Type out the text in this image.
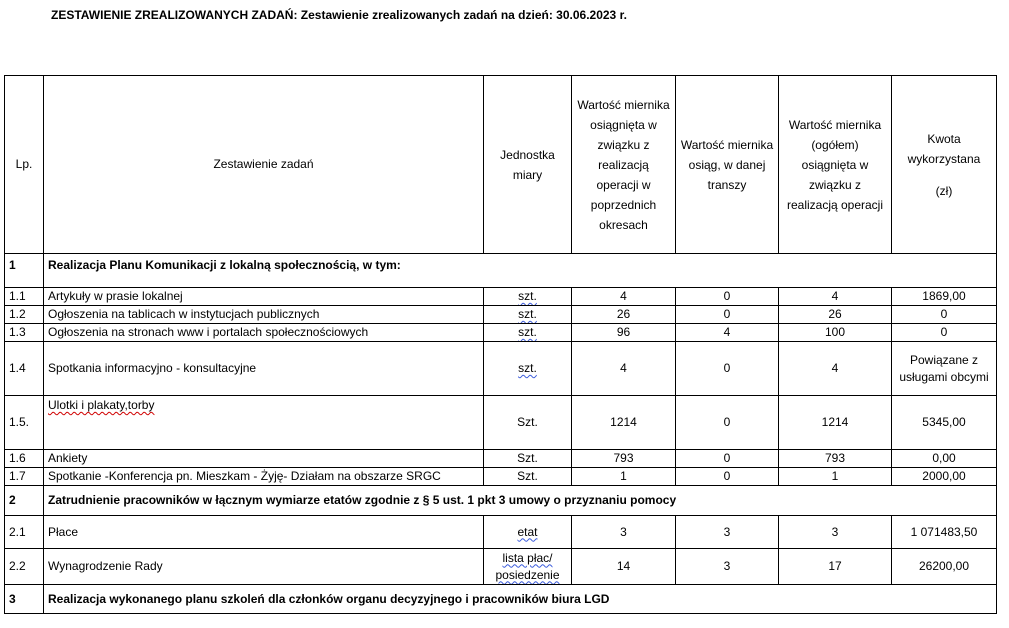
ZESTAWIENIE ZREALIZOWANYCH ZADAŃ: Zestawienie zrealizowanych zadań na dzień: 30.06.2023 r.
Lp.	Zestawienie zadań	Jednostka miary	Wartość miernika osiągnięta w związku z realizacją operacji w poprzednich okresach	Wartość miernika osiąg, w danej transzy	Wartość miernika (ogółem) osiągnięta w związku z realizacją operacji	Kwota wykorzystana
(zł)

1	Realizacja Planu Komunikacji z lokalną społecznością, w tym:					
1.1	Artykuły w prasie lokalnej	szt.	4	0	4	1869,00
1.2	Ogłoszenia na tablicach w instytucjach publicznych	szt.	26	0	26	0
1.3	Ogłoszenia na stronach www i portalach społecznościowych	szt.	96	4	100	0
1.4	Spotkania informacyjno - konsultacyjne	szt.	4	0	4	Powiązane z usługami obcymi
1.5.	Ulotki i plakaty,torby	Szt.	1214	0	1214	5345,00
1.6	Ankiety	Szt.	793	0	793	0,00
1.7	Spotkanie -Konferencja pn. Mieszkam - Żyję- Działam na obszarze SRGC	Szt.	1	0	1	2000,00
2	Zatrudnienie pracowników w łącznym wymiarze etatów zgodnie z § 5 ust. 1 pkt 3 umowy o przyznaniu pomocy					
2.1	Płace	etat	3	3	3	1 071483,50
2.2	Wynagrodzenie Rady	lista płac/ posiedzenie	14	3	17	26200,00
3	Realizacja wykonanego planu szkoleń dla członków organu decyzyjnego i pracowników biura LGD					
